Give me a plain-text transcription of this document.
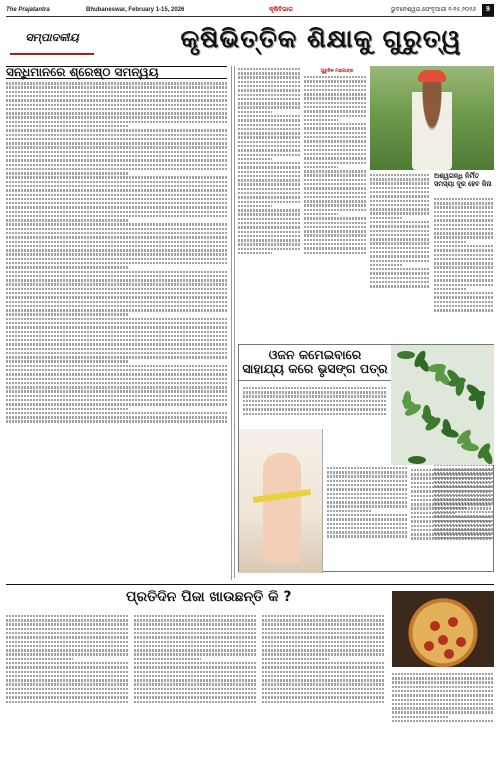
The Prajatantra	Bhubaneswar, February 1-15, 2026	କୃଷିବିଭାଗ	ଭୁବନେଶ୍ୱର,ଫେବୃଆରୀ ୧-୧୫,୨୦୨୬	9
ସମ୍ପାଦକୀୟ	କୃଷିଭିତ୍ତିକ ଶିକ୍ଷାକୁ ଗୁରୁତ୍ୱ
ସନ୍ଧିମାନରେ ଶ୍ରେଷ୍ଠ ସମନ୍ୱୟ	ଗୁରୁଦିନ ମହାପାତ୍ର
ଅଶ୍ୱଗନ୍ଧି ନିର୍ମିତ ସମସ୍ୟା ଦୂର ହେବ ଜିନା
ଓଜନ କମେଇବାରେ
ସାହାଯ୍ୟ କରେ ଭୃସଙ୍ଗ ପତ୍ର
ପ୍ରତିଦିନ ପିଜା ଖାଉଛନ୍ତି କି ?
